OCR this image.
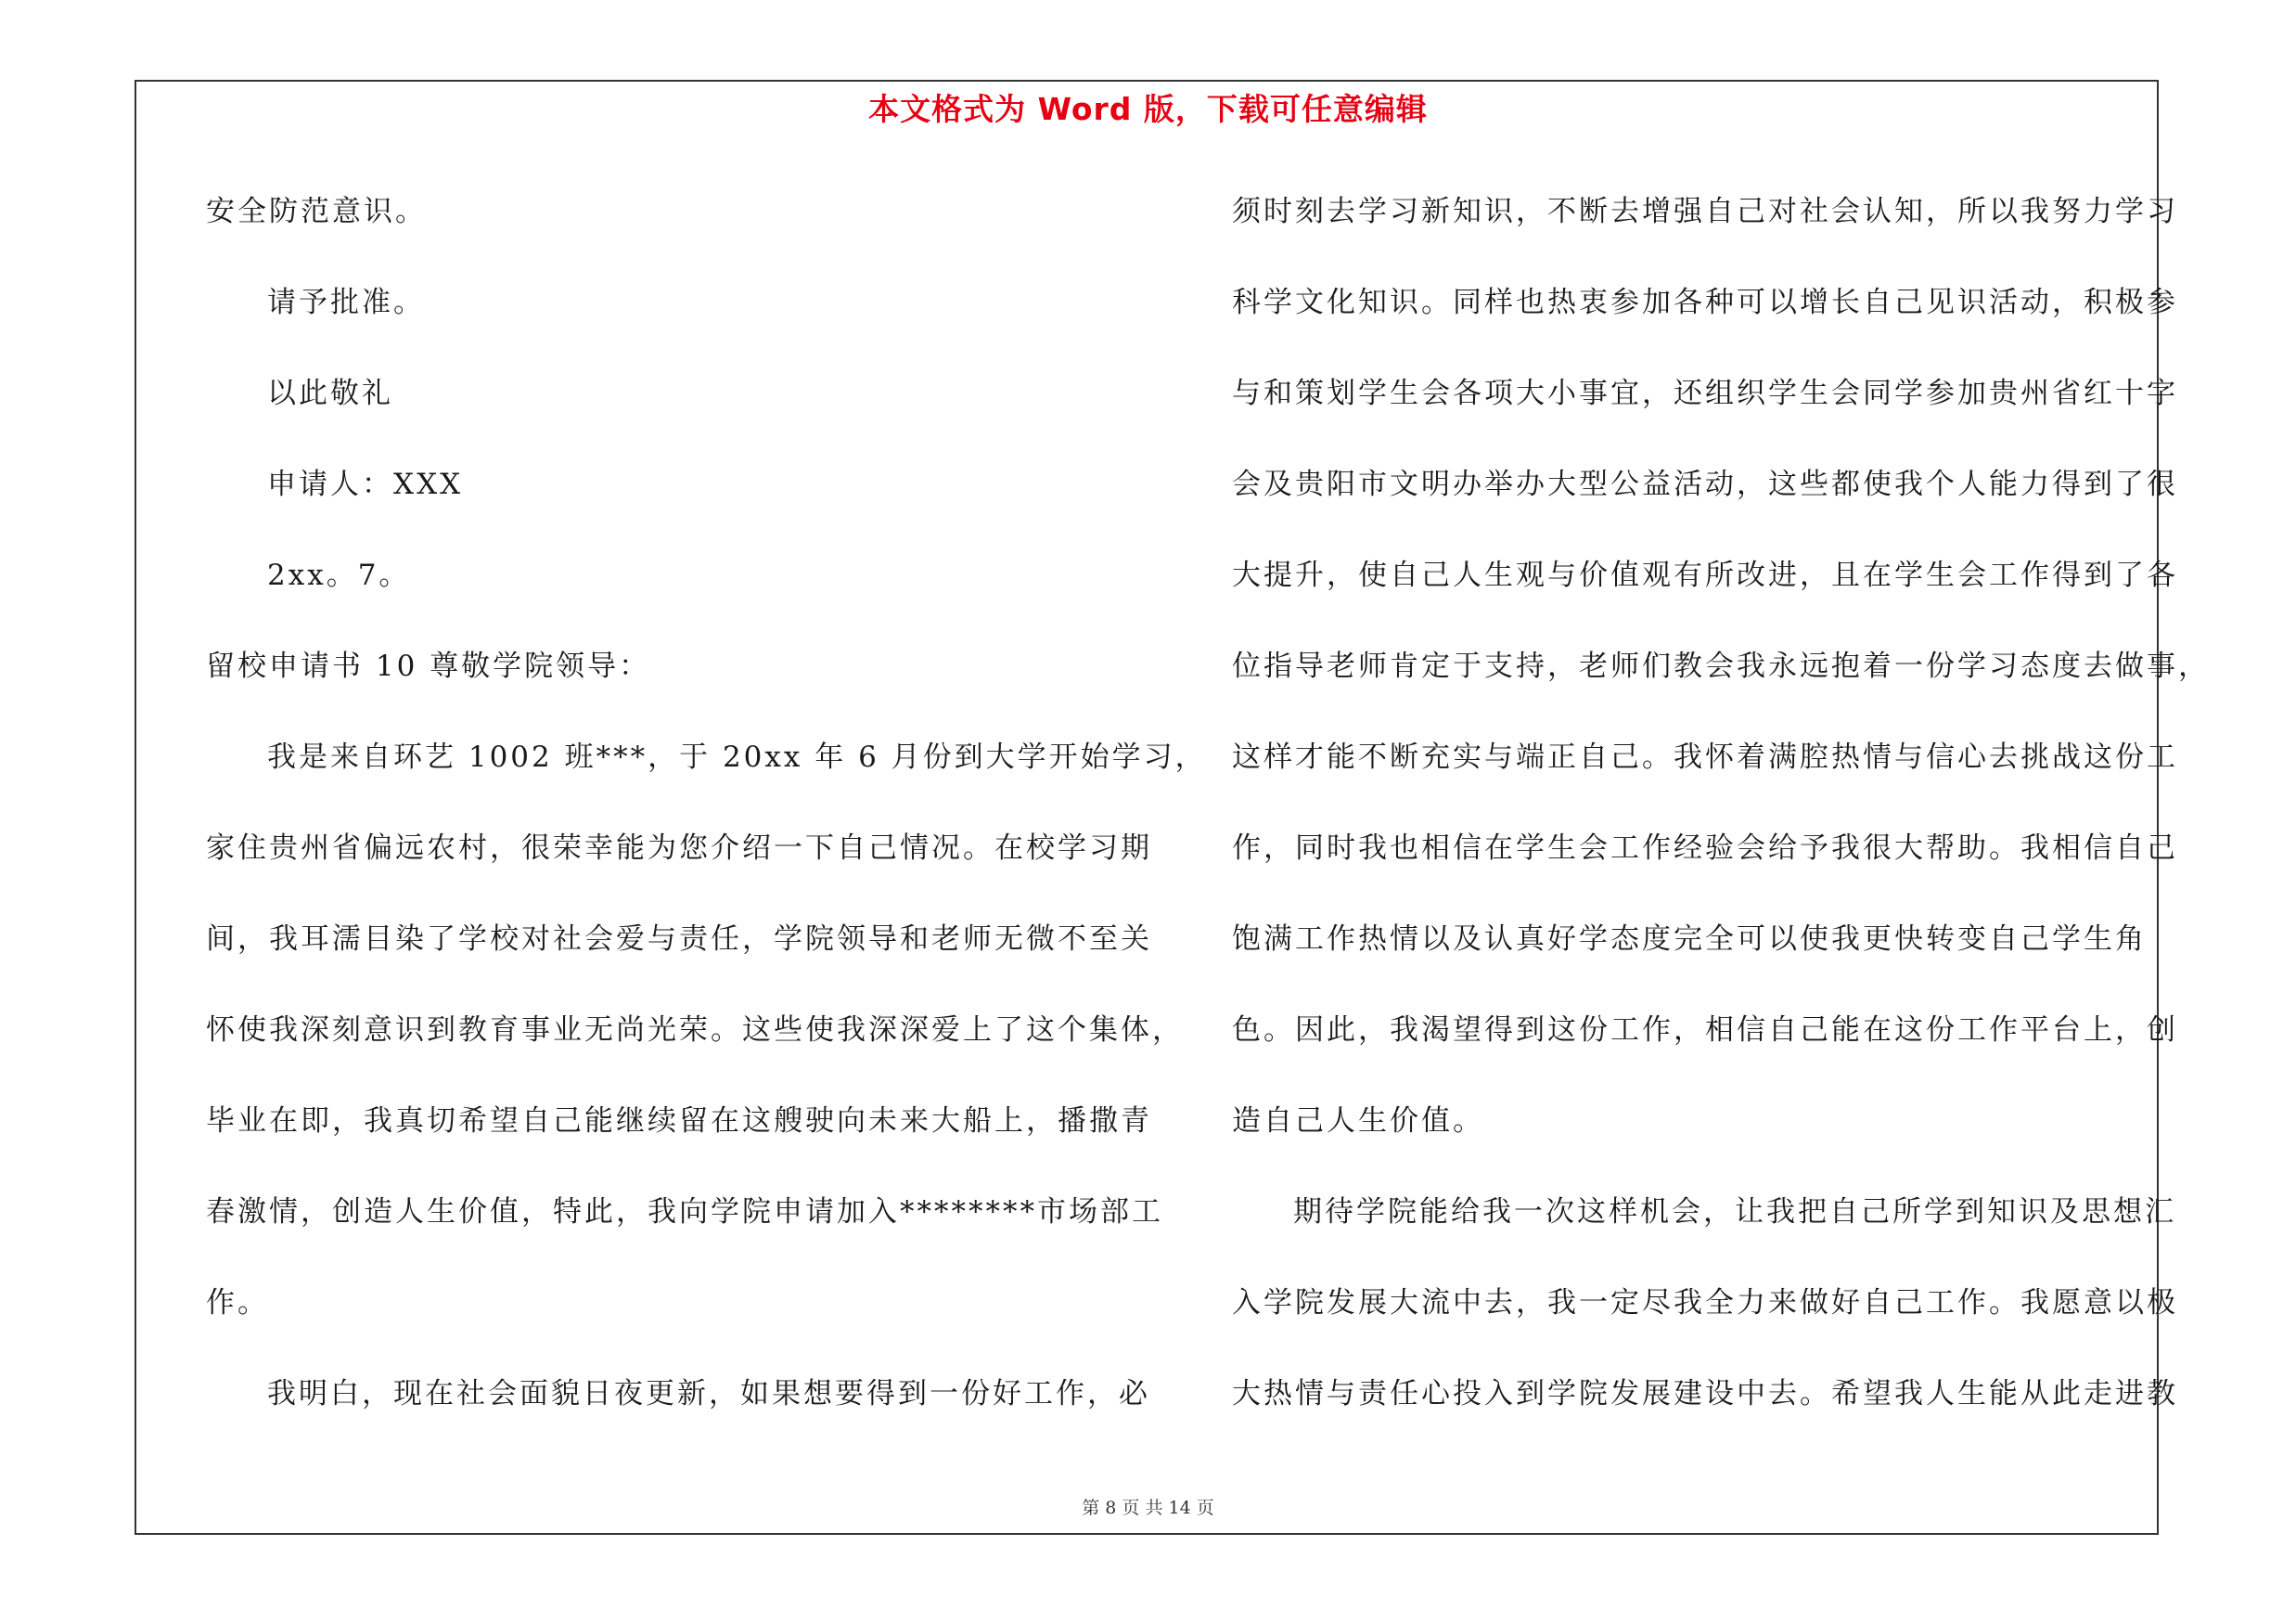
本文格式为 Word 版，下载可任意编辑
安全防范意识。
请予批准。
以此敬礼
申请人：XXX
2xx。7。
留校申请书 10 尊敬学院领导：
我是来自环艺 1002 班***，于 20xx 年 6 月份到大学开始学习，
家住贵州省偏远农村，很荣幸能为您介绍一下自己情况。在校学习期
间，我耳濡目染了学校对社会爱与责任，学院领导和老师无微不至关
怀使我深刻意识到教育事业无尚光荣。这些使我深深爱上了这个集体，
毕业在即，我真切希望自己能继续留在这艘驶向未来大船上，播撒青
春激情，创造人生价值，特此，我向学院申请加入********市场部工
作。
我明白，现在社会面貌日夜更新，如果想要得到一份好工作，必
须时刻去学习新知识，不断去增强自己对社会认知，所以我努力学习
科学文化知识。同样也热衷参加各种可以增长自己见识活动，积极参
与和策划学生会各项大小事宜，还组织学生会同学参加贵州省红十字
会及贵阳市文明办举办大型公益活动，这些都使我个人能力得到了很
大提升，使自己人生观与价值观有所改进，且在学生会工作得到了各
位指导老师肯定于支持，老师们教会我永远抱着一份学习态度去做事，
这样才能不断充实与端正自己。我怀着满腔热情与信心去挑战这份工
作，同时我也相信在学生会工作经验会给予我很大帮助。我相信自己
饱满工作热情以及认真好学态度完全可以使我更快转变自己学生角
色。因此，我渴望得到这份工作，相信自己能在这份工作平台上，创
造自己人生价值。
期待学院能给我一次这样机会，让我把自己所学到知识及思想汇
入学院发展大流中去，我一定尽我全力来做好自己工作。我愿意以极
大热情与责任心投入到学院发展建设中去。希望我人生能从此走进教
第 8 页 共 14 页
